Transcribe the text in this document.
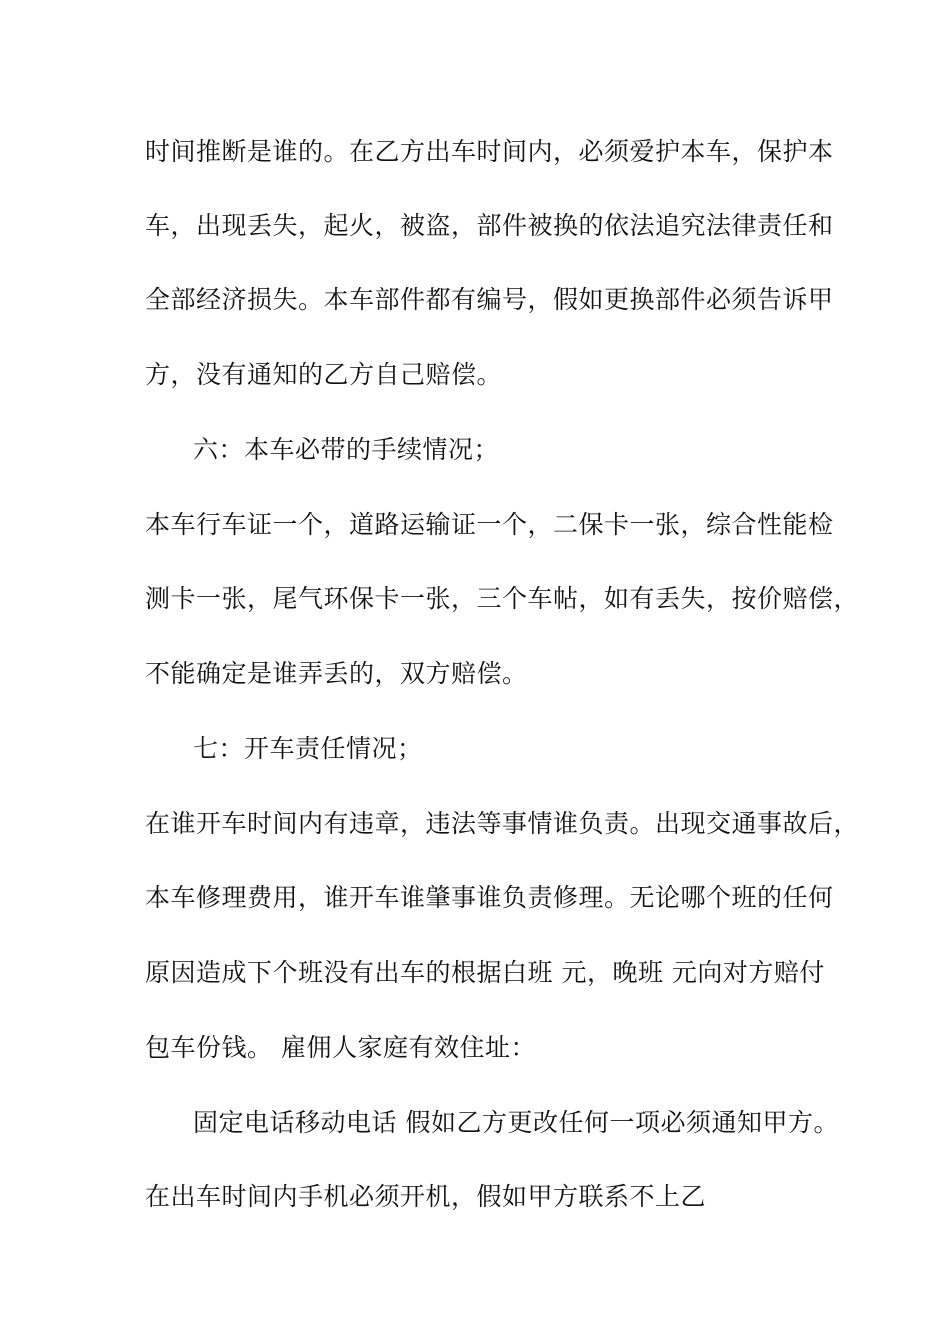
时间推断是谁的。在乙方出车时间内，必须爱护本车，保护本
车，出现丢失，起火，被盗，部件被换的依法追究法律责任和
全部经济损失。本车部件都有编号，假如更换部件必须告诉甲
方，没有通知的乙方自己赔偿。
六：本车必带的手续情况；
本车行车证一个，道路运输证一个，二保卡一张，综合性能检
测卡一张，尾气环保卡一张，三个车帖，如有丢失，按价赔偿，
不能确定是谁弄丢的，双方赔偿。
七：开车责任情况；
在谁开车时间内有违章，违法等事情谁负责。出现交通事故后，
本车修理费用，谁开车谁肇事谁负责修理。无论哪个班的任何
原因造成下个班没有出车的根据白班 元，晚班 元向对方赔付
包车份钱。 雇佣人家庭有效住址：
固定电话移动电话 假如乙方更改任何一项必须通知甲方。
在出车时间内手机必须开机，假如甲方联系不上乙
